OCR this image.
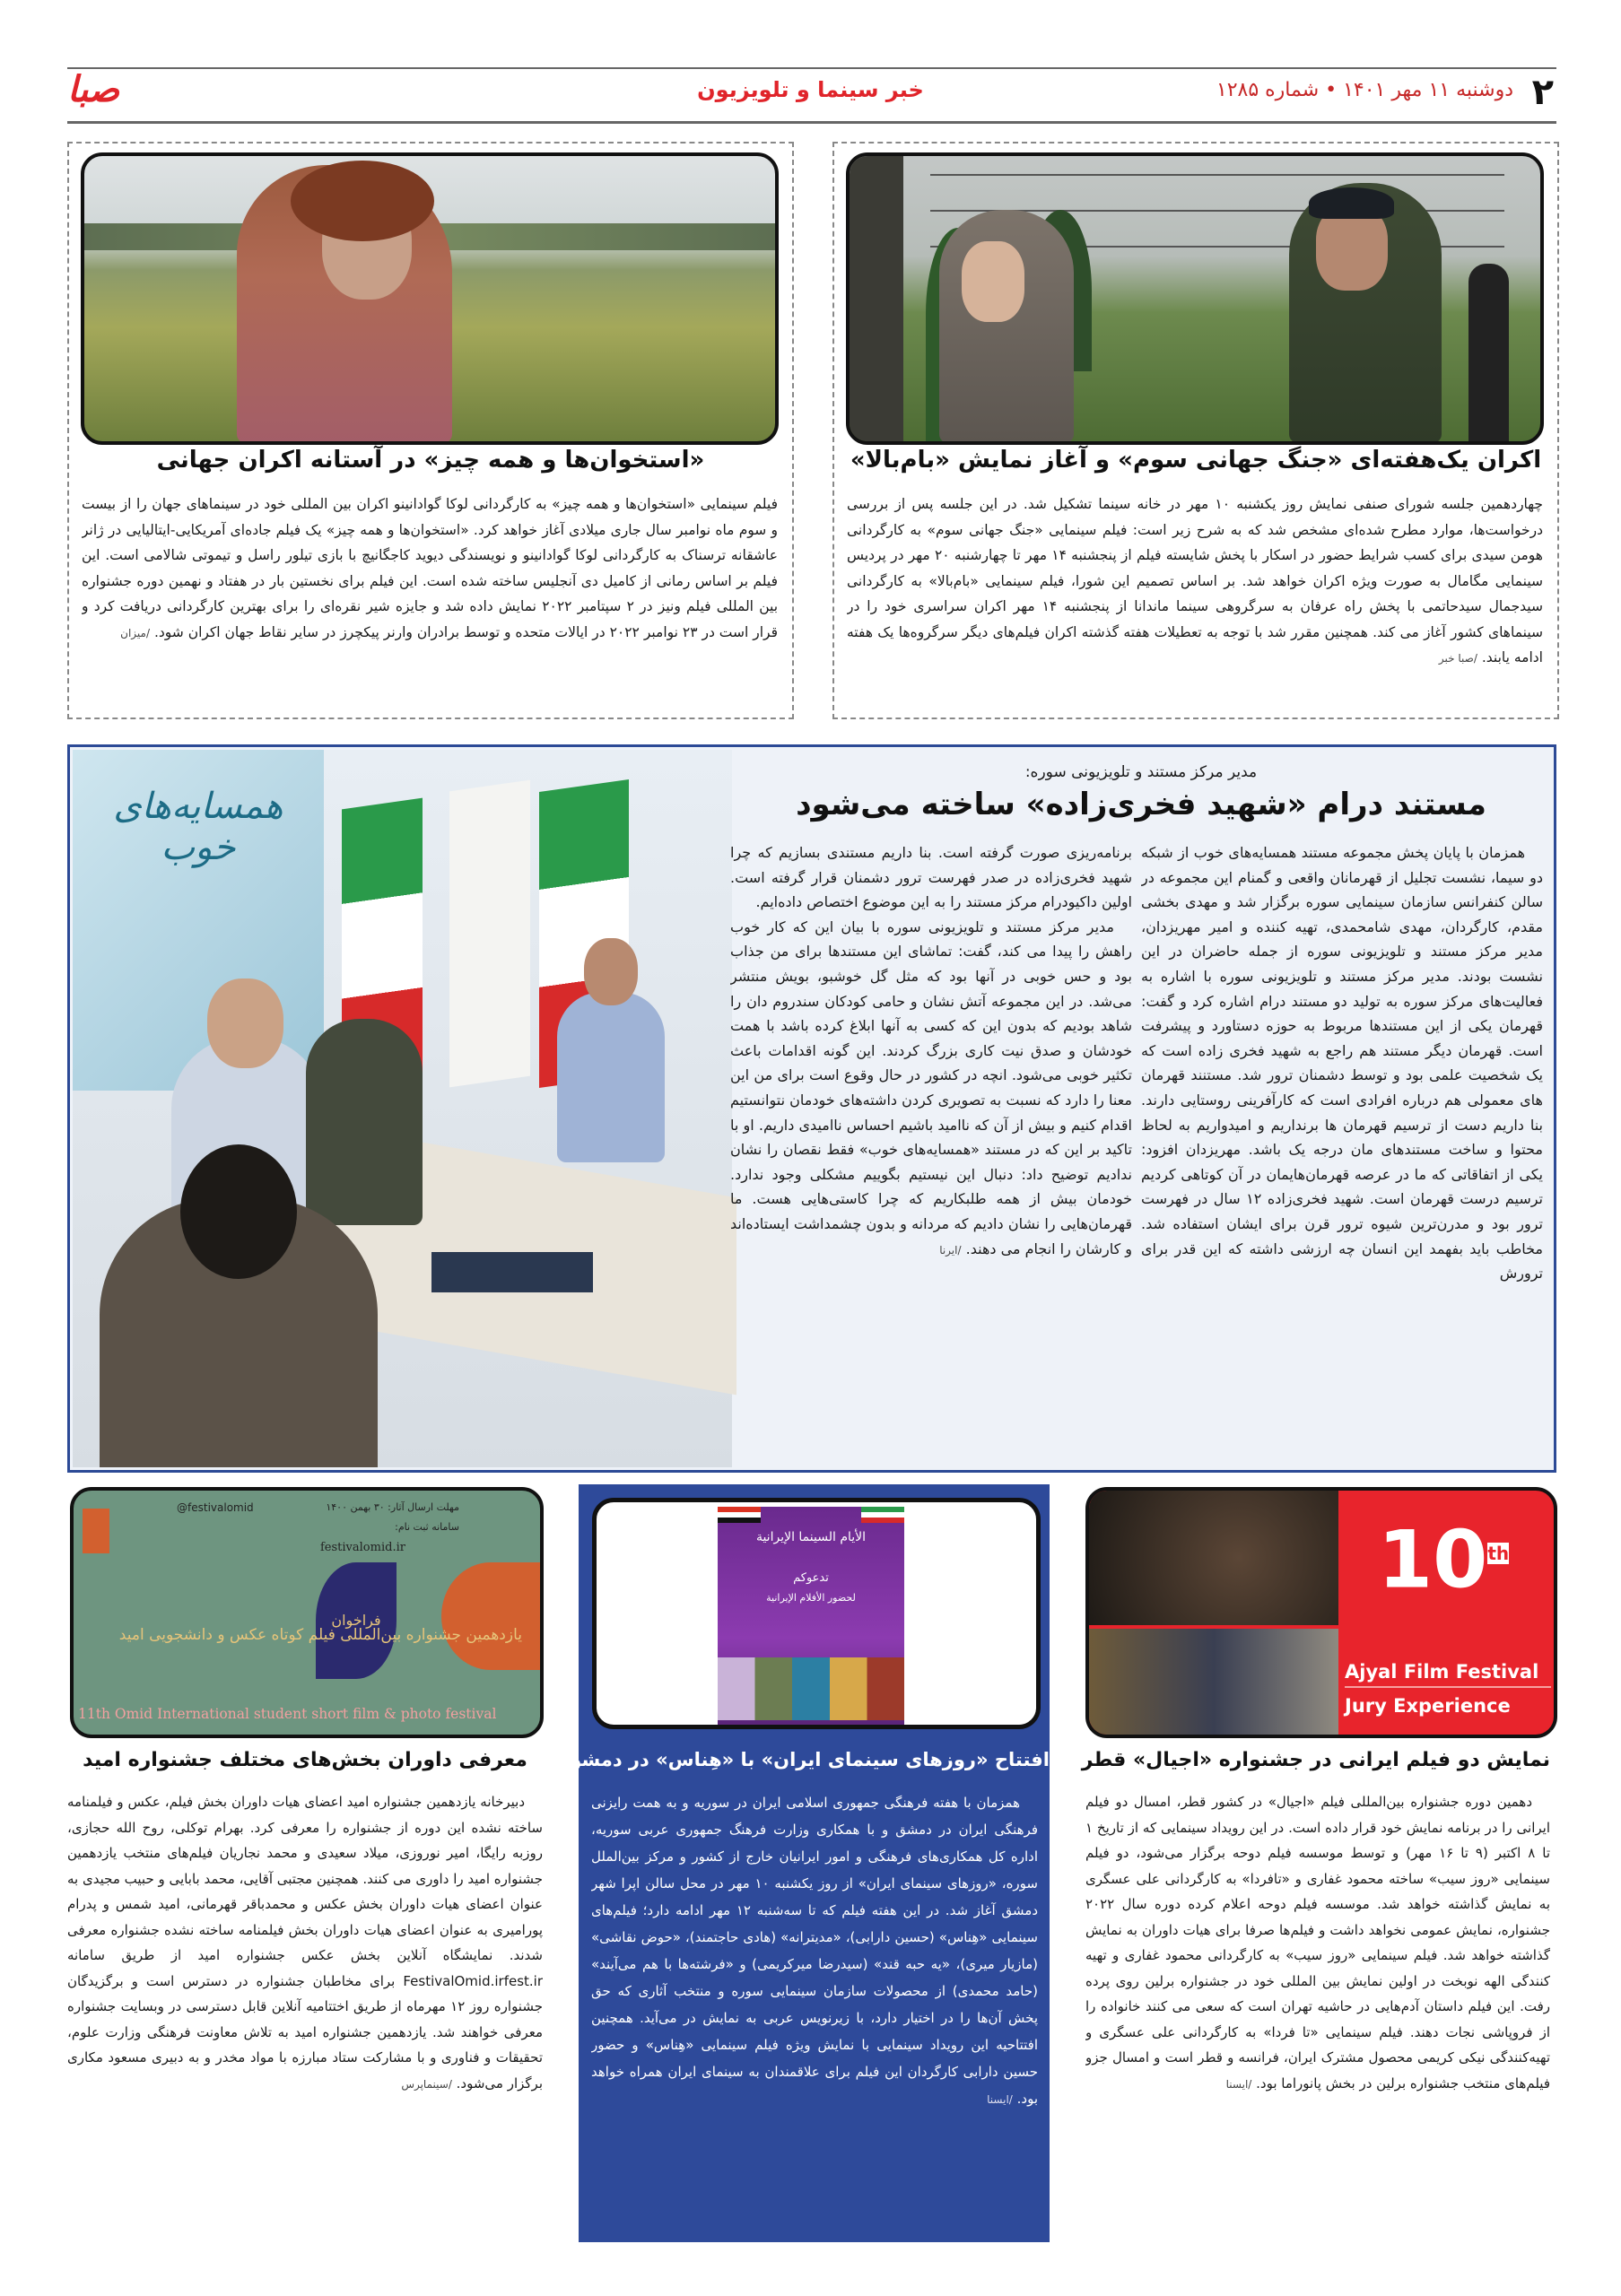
۲
دوشنبه ۱۱ مهر ۱۴۰۱ • شماره ۱۲۸۵
خبر سینما و تلویزیون
صبا
اکران یک‌هفته‌ای «جنگ جهانی سوم» و آغاز نمایش «بام‌بالا»
چهاردهمین جلسه شورای صنفی نمایش روز یکشنبه ۱۰ مهر در خانه سینما تشکیل شد. در این جلسه پس از بررسی درخواست‌ها، موارد مطرح شده‌ای مشخص شد که به شرح زیر است: فیلم سینمایی «جنگ جهانی سوم» به کارگردانی هومن سیدی برای کسب شرایط حضور در اسکار با پخش شایسته فیلم از پنجشنبه ۱۴ مهر تا چهارشنبه ۲۰ مهر در پردیس سینمایی مگامال به صورت ویژه اکران خواهد شد. بر اساس تصمیم این شورا، فیلم سینمایی «بام‌بالا» به کارگردانی سیدجمال سیدحاتمی با پخش راه عرفان به سرگروهی سینما ماندانا از پنجشنبه ۱۴ مهر اکران سراسری خود را در سینماهای کشور آغاز می کند. همچنین مقرر شد با توجه به تعطیلات هفته گذشته اکران فیلم‌های دیگر سرگروه‌ها یک هفته ادامه یابند. /صبا خبر
«استخوان‌ها و همه چیز» در آستانه اکران جهانی
فیلم سینمایی «استخوان‌ها و همه چیز» به کارگردانی لوکا گوادانینو اکران بین المللی خود در سینماهای جهان را از بیست و سوم ماه نوامبر سال جاری میلادی آغاز خواهد کرد. «استخوان‌ها و همه چیز» یک فیلم جاده‌ای آمریکایی-ایتالیایی در ژانر عاشقانه ترسناک به کارگردانی لوکا گوادانینو و نویسندگی دیوید کاجگانیچ با بازی تیلور راسل و تیموتی شالامی است. این فیلم بر اساس رمانی از کامیل دی آنجلیس ساخته شده است. این فیلم برای نخستین بار در هفتاد و نهمین دوره جشنواره بین المللی فیلم ونیز در ۲ سپتامبر ۲۰۲۲ نمایش داده شد و جایزه شیر نقره‌ای را برای بهترین کارگردانی دریافت کرد و قرار است در ۲۳ نوامبر ۲۰۲۲ در ایالات متحده و توسط برادران وارنر پیکچرز در سایر نقاط جهان اکران شود. /میزان
همسایه‌های خوب
مدیر مرکز مستند و تلویزیونی سوره:
مستند درام «شهید فخری‌زاده» ساخته می‌شود
همزمان با پایان پخش مجموعه مستند همسایه‌های خوب از شبکه دو سیما، نشست تجلیل از قهرمانان واقعی و گمنام این مجموعه در سالن کنفرانس سازمان سینمایی سوره برگزار شد و مهدی بخشی مقدم، کارگردان، مهدی شامحمدی، تهیه کننده و امیر مهریزدان، مدیر مرکز مستند و تلویزیونی سوره از جمله حاضران در این نشست بودند. مدیر مرکز مستند و تلویزیونی سوره با اشاره به فعالیت‌های مرکز سوره به تولید دو مستند درام اشاره کرد و گفت: قهرمان یکی از این مستندها مربوط به حوزه دستاورد و پیشرفت است. قهرمان دیگر مستند هم راجع به شهید فخری زاده است که یک شخصیت علمی بود و توسط دشمنان ترور شد. مستنند قهرمان های معمولی هم درباره افرادی است که کارآفرینی روستایی دارند. بنا داریم دست از ترسیم قهرمان ها برنداریم و امیدواریم به لحاظ محتوا و ساخت مستندهای مان درجه یک باشد. مهریزدان افزود: یکی از اتفاقاتی که ما در عرصه قهرمان‌هایمان در آن کوتاهی کردیم ترسیم درست قهرمان است. شهید فخری‌زاده ۱۲ سال در فهرست ترور بود و مدرن‌ترین شیوه ترور قرن برای ایشان استفاده شد. مخاطب باید بفهمد این انسان چه ارزشی داشته که این قدر برای ترورش
برنامه‌ریزی صورت گرفته است. بنا داریم مستندی بسازیم که چرا شهید فخری‌زاده در صدر فهرست ترور دشمنان قرار گرفته است. اولین داکیودرام مرکز مستند را به این موضوع اختصاص داده‌ایم.
مدیر مرکز مستند و تلویزیونی سوره با بیان این که کار خوب راهش را پیدا می کند، گفت: تماشای این مستندها برای من جذاب بود و حس خوبی در آنها بود که مثل گل خوشبو، بویش منتشر می‌شد. در این مجموعه آتش نشان و حامی کودکان سندروم دان را شاهد بودیم که بدون این که کسی به آنها ابلاغ کرده باشد با همت خودشان و صدق نیت کاری بزرگ کردند. این گونه اقدامات باعث تکثیر خوبی می‌شود. انچه در کشور در حال وقوع است برای من این معنا را دارد که نسبت به تصویری کردن داشته‌های خودمان نتوانستیم اقدام کنیم و بیش از آن که ناامید باشیم احساس ناامیدی داریم. او با تاکید بر این که در مستند «همسایه‌های خوب» فقط نقصان را نشان ندادیم توضیح داد: دنبال این نیستیم بگوییم مشکلی وجود ندارد. خودمان بیش از همه طلبکاریم که چرا کاستی‌هایی هست. ما قهرمان‌هایی را نشان دادیم که مردانه و بدون چشمداشت ایستاده‌اند و کارشان را انجام می دهند. /ایرنا
10th
Ajyal Film Festival
Jury Experience
نمایش دو فیلم ایرانی در جشنواره «اجیال» قطر
دهمین دوره جشنواره بین‌المللی فیلم «اجیال» در کشور قطر، امسال دو فیلم ایرانی را در برنامه نمایش خود قرار داده است. در این رویداد سینمایی که از تاریخ ۱ تا ۸ اکتبر (۹ تا ۱۶ مهر) و توسط موسسه فیلم دوحه برگزار می‌شود، دو فیلم سینمایی «روز سیب» ساخته محمود غفاری و «تافردا» به کارگردانی علی عسگری به نمایش گذاشته خواهد شد. موسسه فیلم دوحه اعلام کرده دوره سال ۲۰۲۲ جشنواره، نمایش عمومی نخواهد داشت و فیلم‌ها صرفا برای هیات داوران به نمایش گذاشته خواهد شد. فیلم سینمایی «روز سیب» به کارگردانی محمود غفاری و تهیه کنندگی الهه نوبخت در اولین نمایش بین المللی خود در جشنواره برلین روی پرده رفت. این فیلم داستان آدم‌هایی در حاشیه تهران است که سعی می کنند خانواده را از فروپاشی نجات دهند. فیلم سینمایی «تا فردا» به کارگردانی علی عسگری و تهیه‌کنندگی نیکی کریمی محصول مشترک ایران، فرانسه و قطر است و امسال جزو فیلم‌های منتخب جشنواره برلین در بخش پانوراما بود. /ایسنا
الأيام السينما الإيرانية
تدعوكم
لحضور الأفلام الإيرانية
افتتاح «روزهای سینمای ایران» با «هِناس» در دمشق
همزمان با هفته فرهنگی جمهوری اسلامی ایران در سوریه و به همت رایزنی فرهنگی ایران در دمشق و با همکاری وزارت فرهنگ جمهوری عربی سوریه، اداره کل همکاری‌های فرهنگی و امور ایرانیان خارج از کشور و مرکز بین‌الملل سوره، «روزهای سینمای ایران» از روز یکشنبه ۱۰ مهر در محل سالن اپرا شهر دمشق آغاز شد. در این هفته فیلم که تا سه‌شنبه ۱۲ مهر ادامه دارد؛ فیلم‌های سینمایی «هِناس» (حسین دارابی)، «مدیترانه» (هادی حاجتمند)، «حوض نقاشی» (مازیار میری)، «یه حبه قند» (سیدرضا میرکریمی) و «فرشته‌ها با هم می‌آیند» (حامد محمدی) از محصولات سازمان سینمایی سوره و منتخب آثاری که حق پخش آن‌ها را در اختیار دارد، با زیرنویس عربی به نمایش در می‌آید. همچنین افتتاحیه این رویداد سینمایی با نمایش ویژه فیلم سینمایی «هِناس» و حضور حسین دارابی کارگردان این فیلم برای علاقمندان به سینمای ایران همراه خواهد بود. /ایسنا
@festivalomid	مهلت ارسال آثار: ۳۰ بهمن ۱۴۰۰
سامانه ثبت نام:
festivalomid.ir
فراخوان
یازدهمین جشنواره بین‌المللی فیلم کوتاه عکس و دانشجویی امید
11th Omid International student short film & photo festival
معرفی داوران بخش‌های مختلف جشنواره امید
دبیرخانه یازدهمین جشنواره امید اعضای هیات داوران بخش فیلم، عکس و فیلمنامه ساخته نشده این دوره از جشنواره را معرفی کرد. بهرام توکلی، روح الله حجازی، روزبه رایگا، امیر نوروزی، میلاد سعیدی و محمد نجاریان فیلم‌های منتخب یازدهمین جشنواره امید را داوری می کنند. همچنین مجتبی آقایی، محمد بابایی و حبیب مجیدی به عنوان اعضای هیات داوران بخش عکس و محمدباقر قهرمانی، امید شمس و پدرام پورامیری به عنوان اعضای هیات داوران بخش فیلمنامه ساخته نشده جشنواره معرفی شدند. نمایشگاه آنلاین بخش عکس جشنواره امید از طریق سامانه FestivalOmid.irfest.ir برای مخاطبان جشنواره در دسترس است و برگزیدگان جشنواره روز ۱۲ مهرماه از طریق اختتامیه آنلاین قابل دسترسی در وبسایت جشنواره معرفی خواهند شد. یازدهمین جشنواره امید به تلاش معاونت فرهنگی وزارت علوم، تحقیقات و فناوری و با مشارکت ستاد مبارزه با مواد مخدر و به دبیری مسعود مکاری برگزار می‌شود. /سینماپرس
